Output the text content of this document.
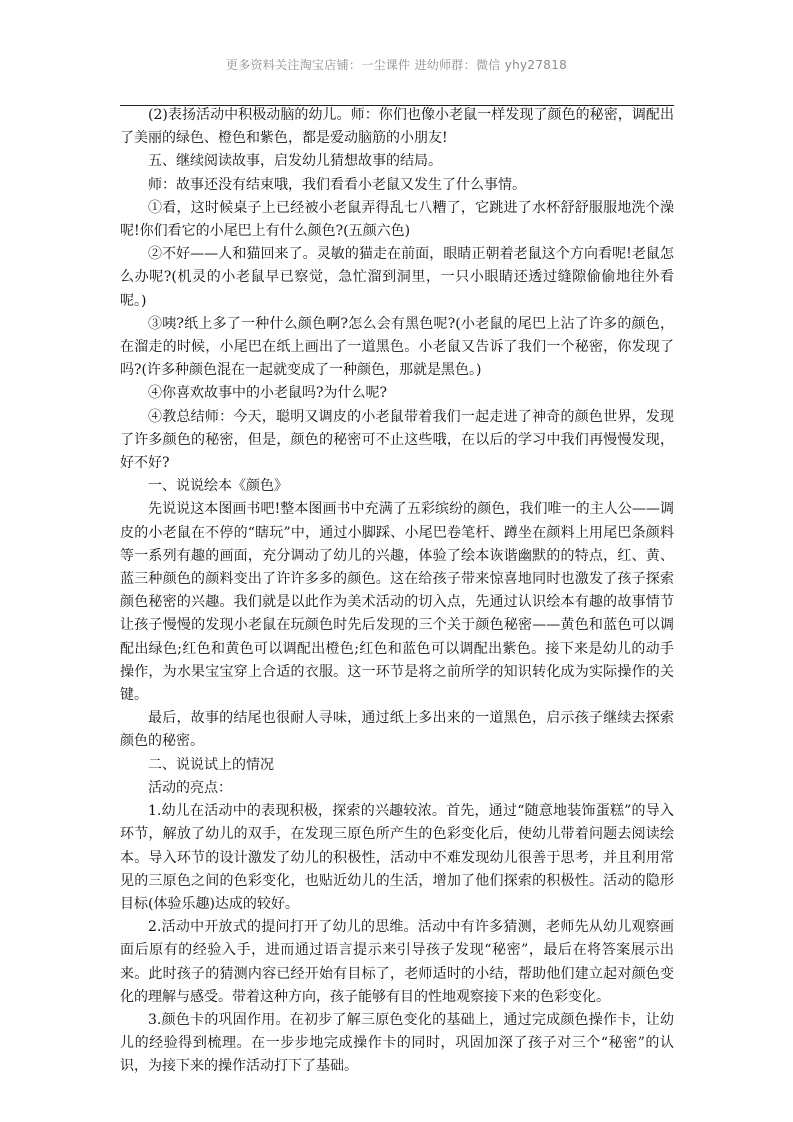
更多资料关注淘宝店铺：一尘课件 进幼师群：微信 yhy27818

(2)表扬活动中积极动脑的幼儿。师：你们也像小老鼠一样发现了颜色的秘密，调配出了美丽的绿色、橙色和紫色，都是爱动脑筋的小朋友!

五、继续阅读故事，启发幼儿猜想故事的结局。

师：故事还没有结束哦，我们看看小老鼠又发生了什么事情。

①看，这时候桌子上已经被小老鼠弄得乱七八糟了，它跳进了水杯舒舒服服地洗个澡呢!你们看它的小尾巴上有什么颜色?(五颜六色)

②不好——人和猫回来了。灵敏的猫走在前面，眼睛正朝着老鼠这个方向看呢!老鼠怎么办呢?(机灵的小老鼠早已察觉，急忙溜到洞里，一只小眼睛还透过缝隙偷偷地往外看呢。)

③咦?纸上多了一种什么颜色啊?怎么会有黑色呢?(小老鼠的尾巴上沾了许多的颜色，在溜走的时候，小尾巴在纸上画出了一道黑色。小老鼠又告诉了我们一个秘密，你发现了吗?(许多种颜色混在一起就变成了一种颜色，那就是黑色。)

④你喜欢故事中的小老鼠吗?为什么呢?

④教总结师：今天，聪明又调皮的小老鼠带着我们一起走进了神奇的颜色世界，发现了许多颜色的秘密，但是，颜色的秘密可不止这些哦，在以后的学习中我们再慢慢发现，好不好?

一、说说绘本《颜色》

先说说这本图画书吧!整本图画书中充满了五彩缤纷的颜色，我们唯一的主人公——调皮的小老鼠在不停的“瞎玩”中，通过小脚踩、小尾巴卷笔杆、蹲坐在颜料上用尾巴条颜料等一系列有趣的画面，充分调动了幼儿的兴趣，体验了绘本诙谐幽默的的特点，红、黄、蓝三种颜色的颜料变出了许许多多的颜色。这在给孩子带来惊喜地同时也激发了孩子探索颜色秘密的兴趣。我们就是以此作为美术活动的切入点，先通过认识绘本有趣的故事情节让孩子慢慢的发现小老鼠在玩颜色时先后发现的三个关于颜色秘密——黄色和蓝色可以调配出绿色;红色和黄色可以调配出橙色;红色和蓝色可以调配出紫色。接下来是幼儿的动手操作，为水果宝宝穿上合适的衣服。这一环节是将之前所学的知识转化成为实际操作的关键。

最后，故事的结尾也很耐人寻味，通过纸上多出来的一道黑色，启示孩子继续去探索颜色的秘密。

二、说说试上的情况

活动的亮点：

1.幼儿在活动中的表现积极，探索的兴趣较浓。首先，通过“随意地装饰蛋糕”的导入环节，解放了幼儿的双手，在发现三原色所产生的色彩变化后，使幼儿带着问题去阅读绘本。导入环节的设计激发了幼儿的积极性，活动中不难发现幼儿很善于思考，并且利用常见的三原色之间的色彩变化，也贴近幼儿的生活，增加了他们探索的积极性。活动的隐形目标(体验乐趣)达成的较好。

2.活动中开放式的提问打开了幼儿的思维。活动中有许多猜测，老师先从幼儿观察画面后原有的经验入手，进而通过语言提示来引导孩子发现“秘密”，最后在将答案展示出来。此时孩子的猜测内容已经开始有目标了，老师适时的小结，帮助他们建立起对颜色变化的理解与感受。带着这种方向，孩子能够有目的性地观察接下来的色彩变化。

3.颜色卡的巩固作用。在初步了解三原色变化的基础上，通过完成颜色操作卡，让幼儿的经验得到梳理。在一步步地完成操作卡的同时，巩固加深了孩子对三个“秘密”的认识，为接下来的操作活动打下了基础。
